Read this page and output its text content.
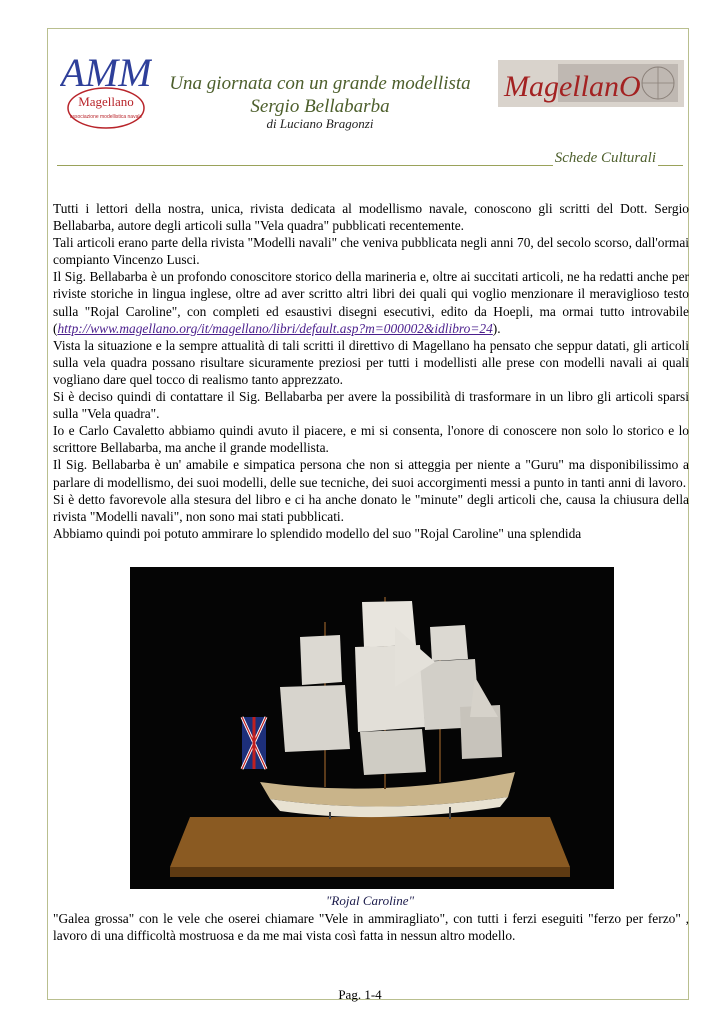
AMM
Magellano
associazione modellistica navale
Una giornata con un grande modellista
Sergio Bellabarba
di Luciano Bragonzi
MagellanO
Schede Culturali

Tutti i lettori della nostra, unica, rivista dedicata al modellismo navale, conoscono gli scritti del Dott. Sergio Bellabarba, autore degli articoli sulla "Vela quadra" pubblicati recentemente.

Tali articoli erano parte della rivista "Modelli navali" che veniva pubblicata negli anni 70, del secolo scorso, dall'ormai compianto Vincenzo Lusci.

Il Sig. Bellabarba è un profondo conoscitore storico della marineria e, oltre ai succitati articoli, ne ha redatti anche per riviste storiche in lingua inglese, oltre ad aver scritto altri libri dei quali qui voglio menzionare il meraviglioso testo sulla "Rojal Caroline", con completi ed esaustivi disegni esecutivi, edito da Hoepli, ma ormai tutto introvabile (http://www.magellano.org/it/magellano/libri/default.asp?m=000002&idlibro=24).

Vista la situazione e la sempre attualità di tali scritti il direttivo di Magellano ha pensato che seppur datati, gli articoli sulla vela quadra possano risultare sicuramente preziosi per tutti i modellisti alle prese con modelli navali ai quali vogliano dare quel tocco di realismo tanto apprezzato.

Si è deciso quindi di contattare il Sig. Bellabarba per avere la possibilità di trasformare in un libro gli articoli sparsi sulla "Vela quadra".

Io e Carlo Cavaletto abbiamo quindi avuto il piacere, e mi si consenta, l'onore di conoscere non solo lo storico e lo scrittore Bellabarba, ma anche il grande modellista.

Il Sig. Bellabarba è un' amabile e simpatica persona che non si atteggia per niente a "Guru" ma disponibilissimo a parlare di modellismo, dei suoi modelli, delle sue tecniche, dei suoi accorgimenti messi a punto in tanti anni di lavoro.

Si è detto favorevole alla stesura del libro e ci ha anche donato le "minute" degli articoli che, causa la chiusura della rivista "Modelli navali", non sono mai stati pubblicati.

Abbiamo quindi poi potuto ammirare lo splendido modello del suo "Rojal Caroline" una splendida

"Rojal Caroline"
"Galea grossa" con le vele che oserei chiamare "Vele in ammiragliato", con tutti i ferzi eseguiti "ferzo per ferzo" , lavoro di una difficoltà mostruosa e da me mai vista così fatta in nessun altro modello.
Pag. 1-4
